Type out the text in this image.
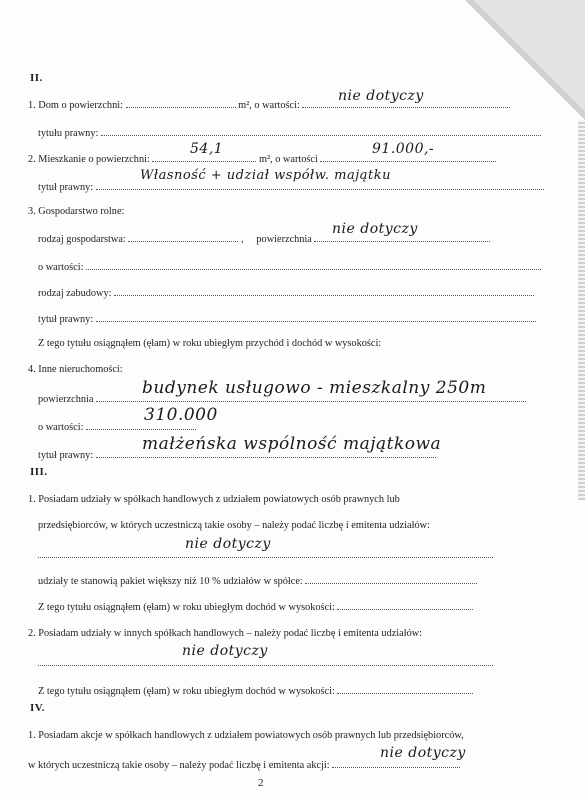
II.
1. Dom o powierzchni:	m², o wartości:
nie dotyczy
tytułu prawny:
2. Mieszkanie o powierzchni:	m², o wartości
54,1	91.000,-
tytuł prawny:
Własność + udział współw. majątku
3. Gospodarstwo rolne:
rodzaj gospodarstwa:	,     powierzchnia
nie dotyczy
o wartości:
rodzaj zabudowy:
tytuł prawny:
Z tego tytułu osiągnąłem (ęłam) w roku ubiegłym przychód i dochód w wysokości:
4. Inne nieruchomości:
powierzchnia
budynek usługowo - mieszkalny 250m
o wartości:
310.000
tytuł prawny:
małżeńska wspólność majątkowa
III.
1. Posiadam udziały w spółkach handlowych z udziałem powiatowych osób prawnych lub
przedsiębiorców, w których uczestniczą takie osoby – należy podać liczbę i emitenta udziałów:
nie dotyczy
udziały te stanowią pakiet większy niż 10 % udziałów w spółce:
Z tego tytułu osiągnąłem (ęłam) w roku ubiegłym dochód w wysokości:
2. Posiadam udziały w innych spółkach handlowych – należy podać liczbę i emitenta udziałów:
nie dotyczy
Z tego tytułu osiągnąłem (ęłam) w roku ubiegłym dochód w wysokości:
IV.
1. Posiadam akcje w spółkach handlowych z udziałem powiatowych osób prawnych lub przedsiębiorców,
w których uczestniczą takie osoby – należy podać liczbę i emitenta akcji:
nie dotyczy
2
